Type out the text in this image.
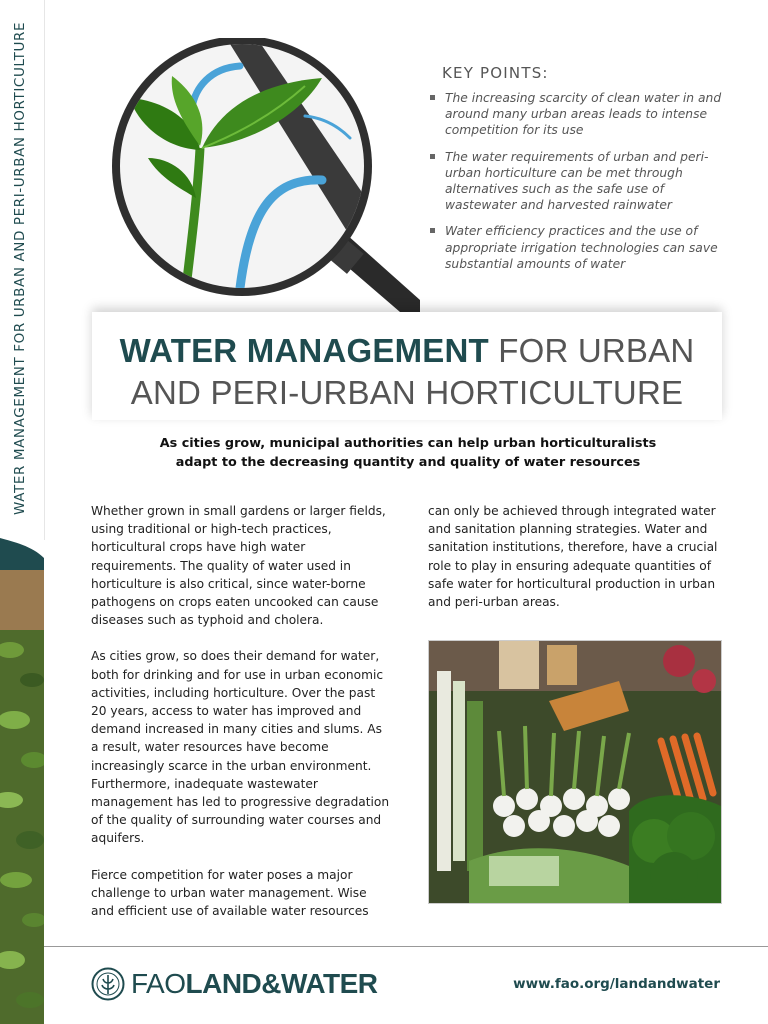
WATER MANAGEMENT FOR URBAN AND PERI-URBAN HORTICULTURE	KEY POINTS:
The increasing scarcity of clean water in and around many urban areas leads to intense competition for its use
The water requirements of urban and peri-urban horticulture can be met through alternatives such as the safe use of wastewater and harvested rainwater
Water efficiency practices and the use of appropriate irrigation technologies can save substantial amounts of water
WATER MANAGEMENT FOR URBAN
AND PERI-URBAN HORTICULTURE
As cities grow, municipal authorities can help urban horticulturalists
adapt to the decreasing quantity and quality of water resources

Whether grown in small gardens or larger fields, using traditional or high-tech practices, horticultural crops have high water requirements. The quality of water used in horticulture is also critical, since water-borne pathogens on crops eaten uncooked can cause diseases such as typhoid and cholera.

As cities grow, so does their demand for water, both for drinking and for use in urban economic activities, including horticulture. Over the past 20 years, access to water has improved and demand increased in many cities and slums. As a result, water resources have become increasingly scarce in the urban environment. Furthermore, inadequate wastewater management has led to progressive degradation of the quality of surrounding water courses and aquifers.

Fierce competition for water poses a major challenge to urban water management. Wise and efficient use of available water resources

can only be achieved through integrated water and sanitation planning strategies. Water and sanitation institutions, therefore, have a crucial role to play in ensuring adequate quantities of safe water for horticultural production in urban and peri-urban areas.

FAOLAND&WATER	www.fao.org/landandwater
